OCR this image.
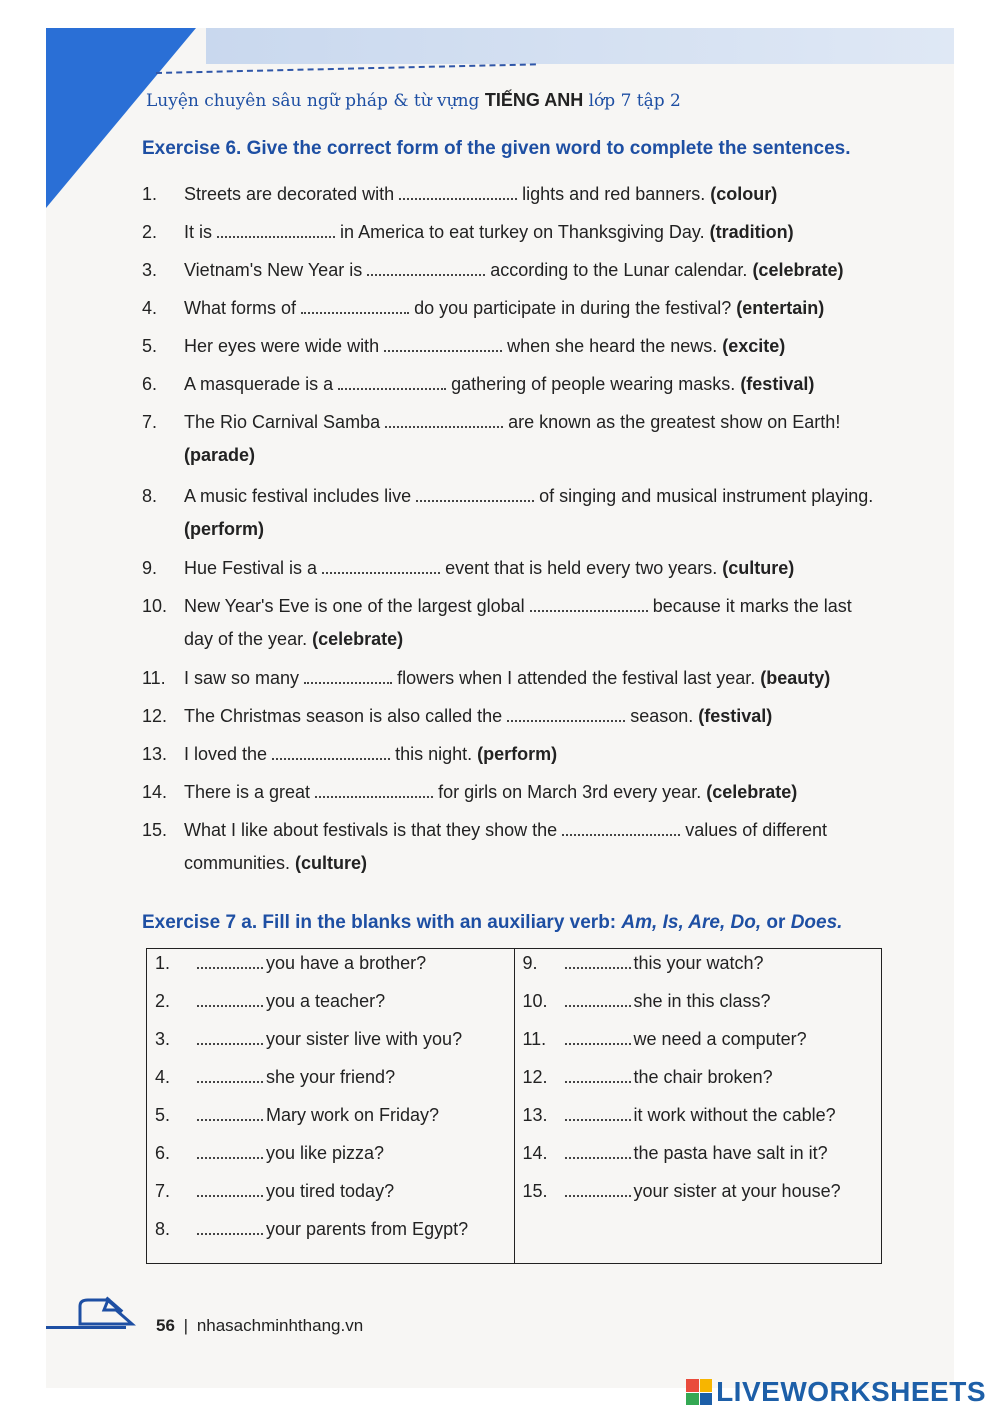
Luyện chuyên sâu ngữ pháp & từ vựng TIẾNG ANH lớp 7 tập 2
Exercise 6. Give the correct form of the given word to complete the sentences.
1.	Streets are decorated with	lights and red banners. (colour)
2.	It is	in America to eat turkey on Thanksgiving Day. (tradition)
3.	Vietnam's New Year is	according to the Lunar calendar. (celebrate)
4.	What forms of	do you participate in during the festival? (entertain)
5.	Her eyes were wide with	when she heard the news. (excite)
6.	A masquerade is a	gathering of people wearing masks. (festival)
7.	The Rio Carnival Samba	are known as the greatest show on Earth! (parade)
8.	A music festival includes live	of singing and musical instrument playing. (perform)
9.	Hue Festival is a	event that is held every two years. (culture)
10. New Year's Eve is one of the largest global	because it marks the last day of the year. (celebrate)
11.	I saw so many	flowers when I attended the festival last year. (beauty)
12. The Christmas season is also called the	season. (festival)
13. I loved the	this night. (perform)
14. There is a great	for girls on March 3rd every year. (celebrate)
15. What I like about festivals is that they show the	values of different communities. (culture)
Exercise 7 a. Fill in the blanks with an auxiliary verb: Am, Is, Are, Do, or Does.
1.	you have a brother?
2.	you a teacher?
3.	your sister live with you?
4.	she your friend?
5.	Mary work on Friday?
6.	you like pizza?
7.	you tired today?
8.	your parents from Egypt?

9.	this your watch?
10.	she in this class?
11.	we need a computer?
12.	the chair broken?
13.	it work without the cable?
14.	the pasta have salt in it?
15.	your sister at your house?
56 | nhasachminhthang.vn
LIVEWORKSHEETS
